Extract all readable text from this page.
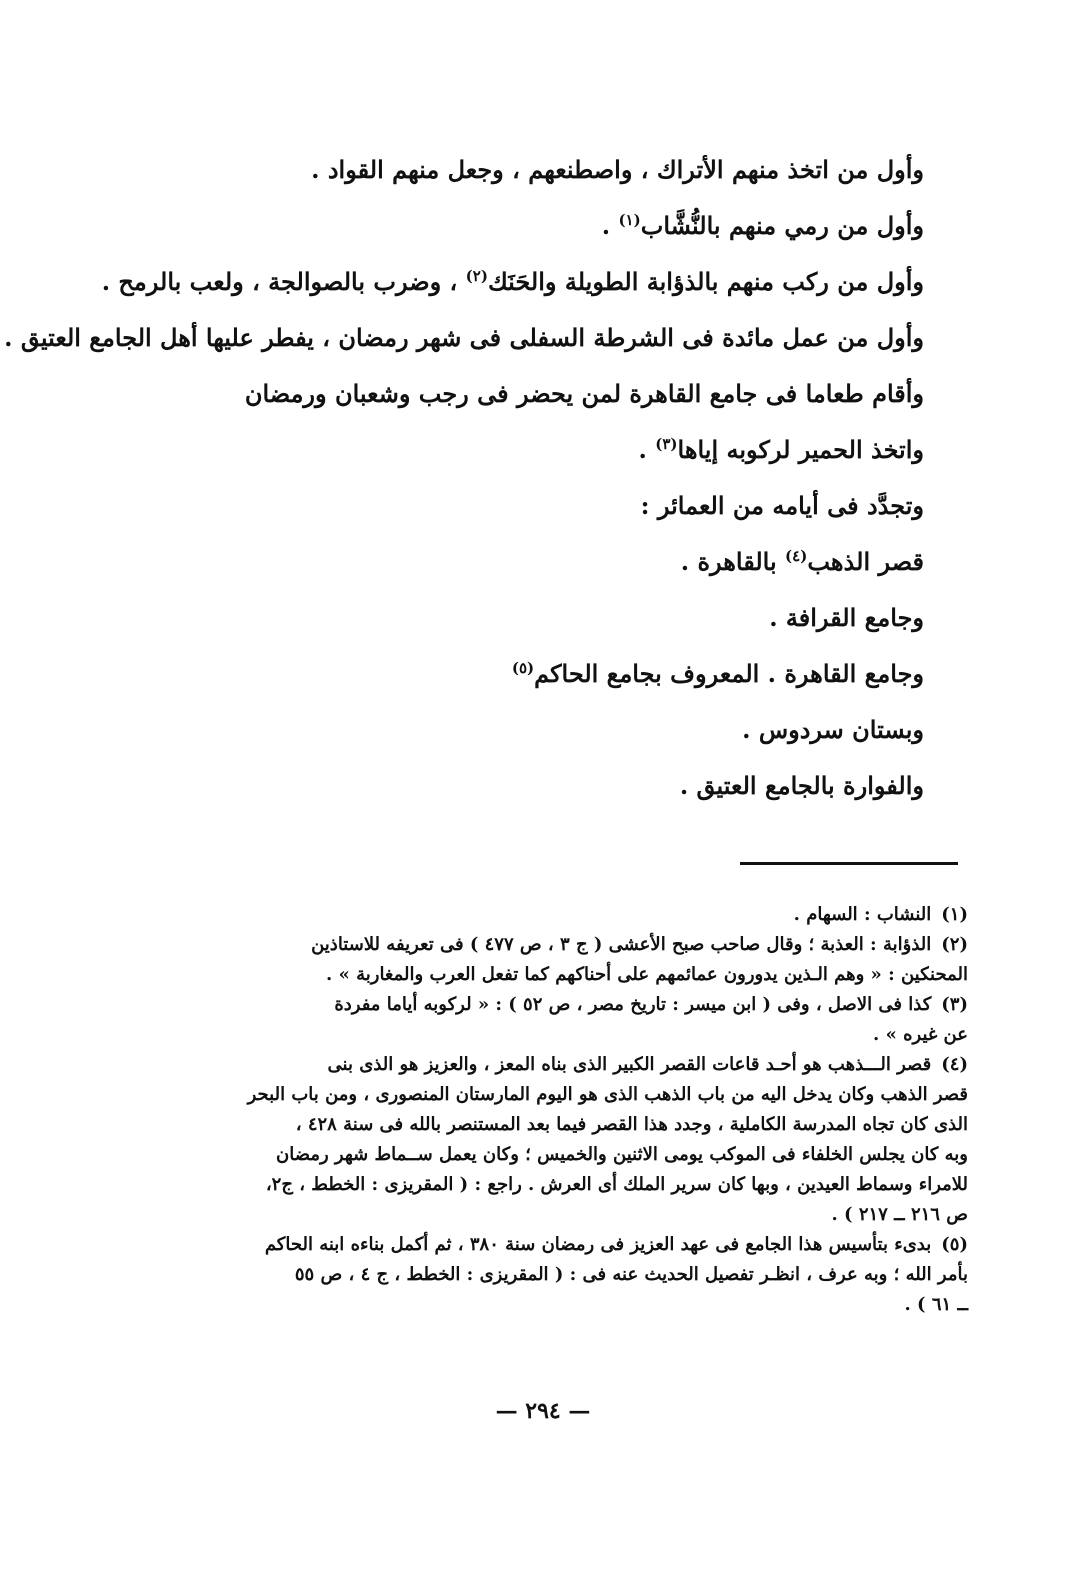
وأول من اتخذ منهم الأتراك ، واصطنعهم ، وجعل منهم القواد .
وأول من رمي منهم بالنُّشَّاب$^{(١)}$ .
وأول من ركب منهم بالذؤابة الطويلة والحَنَك$^{(٢)}$ ، وضرب بالصوالجة ، ولعب بالرمح .
وأول من عمل مائدة فى الشرطة السفلى فى شهر رمضان ، يفطر عليها أهل الجامع العتيق .
وأقام طعاما فى جامع القاهرة لمن يحضر فى رجب وشعبان ورمضان
واتخذ الحمير لركوبه إياها$^{(٣)}$ .
وتجدَّد فى أيامه من العمائر :
قصر الذهب$^{(٤)}$ بالقاهرة .
وجامع القرافة .
وجامع القاهرة . المعروف بجامع الحاكم$^{(٥)}$
وبستان سردوس .
والفوارة بالجامع العتيق .
(١)النشاب : السهام .
(٢)الذؤابة : العذبة ؛ وقال صاحب صبح الأعشى ( ج ٣ ، ص ٤٧٧ ) فى تعريفه للاستاذين
المحنكين : « وهم الـذين يدورون عمائمهم على أحناكهم كما تفعل العرب والمغاربة » .
(٣)كذا فى الاصل ، وفى ( ابن ميسر : تاريخ مصر ، ص ٥٢ ) : « لركوبه أياما مفردة
عن غيره » .
(٤)قصر الـــذهب هو أحـد قاعات القصر الكبير الذى بناه المعز ، والعزيز هو الذى بنى
قصر الذهب وكان يدخل اليه من باب الذهب الذى هو اليوم المارستان المنصورى ، ومن باب البحر
الذى كان تجاه المدرسة الكاملية ، وجدد هذا القصر فيما بعد المستنصر بالله فى سنة ٤٢٨ ،
وبه كان يجلس الخلفاء فى الموكب يومى الاثنين والخميس ؛ وكان يعمل ســماط شهر رمضان
للامراء وسماط العيدين ، وبها كان سرير الملك أى العرش . راجع : ( المقريزى : الخطط ، ج٢،
ص ٢١٦ ــ ٢١٧ ) .
(٥)بدىء بتأسيس هذا الجامع فى عهد العزيز فى رمضان سنة ٣٨٠ ، ثم أكمل بناءه ابنه الحاكم
بأمر الله ؛ وبه عرف ، انظـر تفصيل الحديث عنه فى : ( المقريزى : الخطط ، ج ٤ ، ص ٥٥
ــ ٦١ ) .
— ٢٩٤ —
